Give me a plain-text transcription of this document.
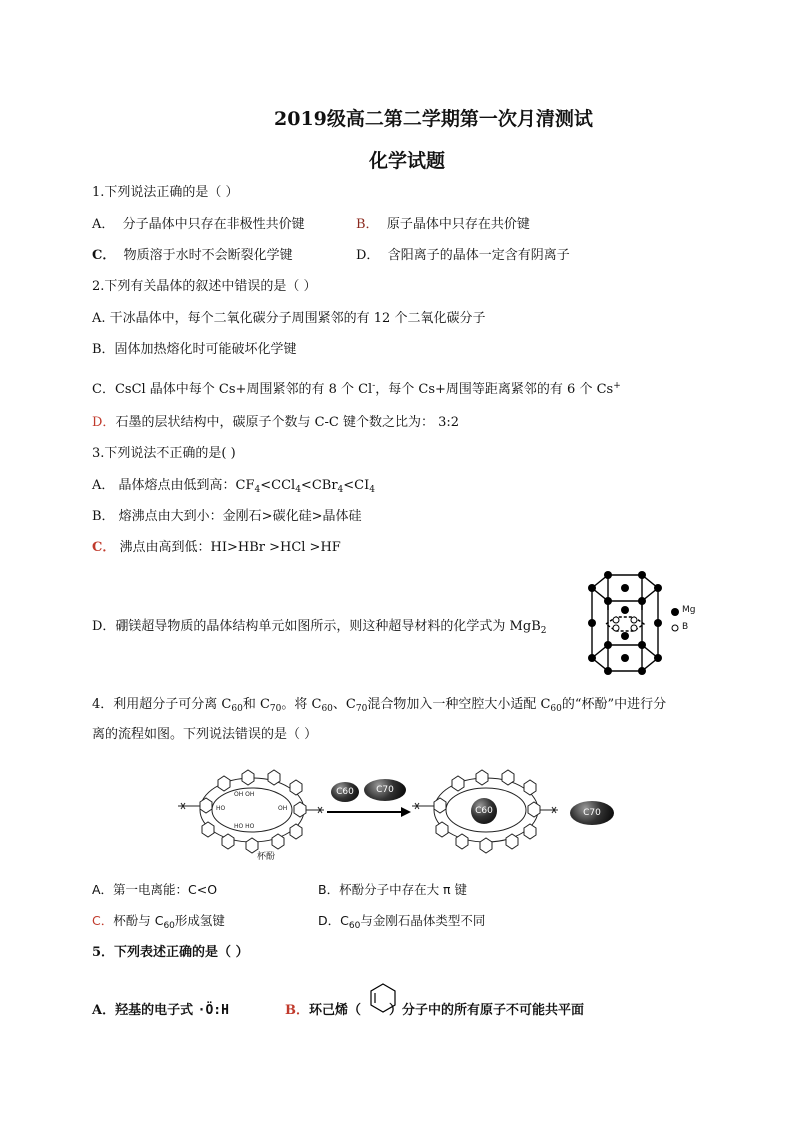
2019级高二第二学期第一次月清测试
化学试题
1.下列说法正确的是（ ）
A． 分子晶体中只存在非极性共价键	B． 原子晶体中只存在共价键
C． 物质溶于水时不会断裂化学键	D． 含阳离子的晶体一定含有阴离子
2.下列有关晶体的叙述中错误的是（ ）
A. 干冰晶体中，每个二氧化碳分子周围紧邻的有 12 个二氧化碳分子
B．固体加热熔化时可能破坏化学键
C．CsCl 晶体中每个 Cs+周围紧邻的有 8 个 Cl-，每个 Cs+周围等距离紧邻的有 6 个 Cs+
D．石墨的层状结构中，碳原子个数与 C-C 键个数之比为： 3:2
3.下列说法不正确的是( )
A． 晶体熔点由低到高：$CF_4<CCl_4<CBr_4<CI_4$
B． 熔沸点由大到小：金刚石>碳化硅>晶体硅
C． 沸点由高到低：HI>HBr >HCl >HF
D．硼镁超导物质的晶体结构单元如图所示，则这种超导材料的化学式为 MgB$_2$
Mg
B
4．利用超分子可分离 $C_{60}$和 $C_{70}$。将 $C_{60}$、$C_{70}$混合物加入一种空腔大小适配 $C_{60}$的“杯酚”中进行分
离的流程如图。下列说法错误的是（ ）
OH OH
HO	OH
HO HO
杯酚
C60	C70
C60	C70
A．第一电离能：C<O	B．杯酚分子中存在大 π 键
C．杯酚与 $C_{60}$形成氢键	D．$C_{60}$与金刚石晶体类型不同
5．下列表述正确的是（ ）
A．羟基的电子式 ·Ö:H	B．环己烯（ ）分子中的所有原子不可能共平面
